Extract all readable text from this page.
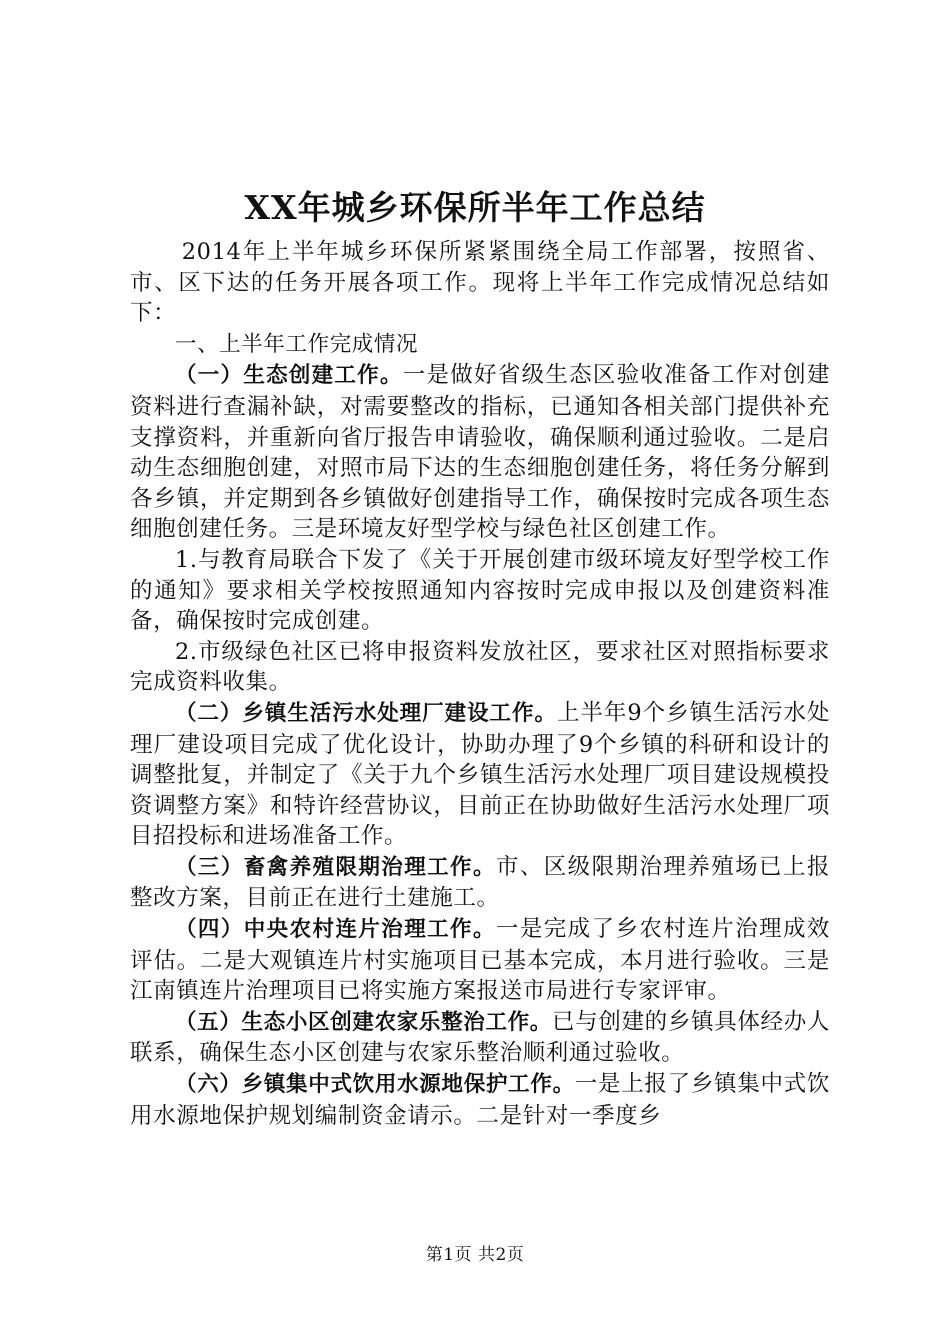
XX年城乡环保所半年工作总结

2014年上半年城乡环保所紧紧围绕全局工作部署，按照省、市、区下达的任务开展各项工作。现将上半年工作完成情况总结如下：

一、上半年工作完成情况

（一）生态创建工作。一是做好省级生态区验收准备工作对创建资料进行查漏补缺，对需要整改的指标，已通知各相关部门提供补充支撑资料，并重新向省厅报告申请验收，确保顺利通过验收。二是启动生态细胞创建，对照市局下达的生态细胞创建任务，将任务分解到各乡镇，并定期到各乡镇做好创建指导工作，确保按时完成各项生态细胞创建任务。三是环境友好型学校与绿色社区创建工作。

1.与教育局联合下发了《关于开展创建市级环境友好型学校工作的通知》要求相关学校按照通知内容按时完成申报以及创建资料准备，确保按时完成创建。

2.市级绿色社区已将申报资料发放社区，要求社区对照指标要求完成资料收集。

（二）乡镇生活污水处理厂建设工作。上半年9个乡镇生活污水处理厂建设项目完成了优化设计，协助办理了9个乡镇的科研和设计的调整批复，并制定了《关于九个乡镇生活污水处理厂项目建设规模投资调整方案》和特许经营协议，目前正在协助做好生活污水处理厂项目招投标和进场准备工作。

（三）畜禽养殖限期治理工作。市、区级限期治理养殖场已上报整改方案，目前正在进行土建施工。

（四）中央农村连片治理工作。一是完成了乡农村连片治理成效评估。二是大观镇连片村实施项目已基本完成，本月进行验收。三是江南镇连片治理项目已将实施方案报送市局进行专家评审。

（五）生态小区创建农家乐整治工作。已与创建的乡镇具体经办人联系，确保生态小区创建与农家乐整治顺利通过验收。

（六）乡镇集中式饮用水源地保护工作。一是上报了乡镇集中式饮用水源地保护规划编制资金请示。二是针对一季度乡

第1页 共2页
